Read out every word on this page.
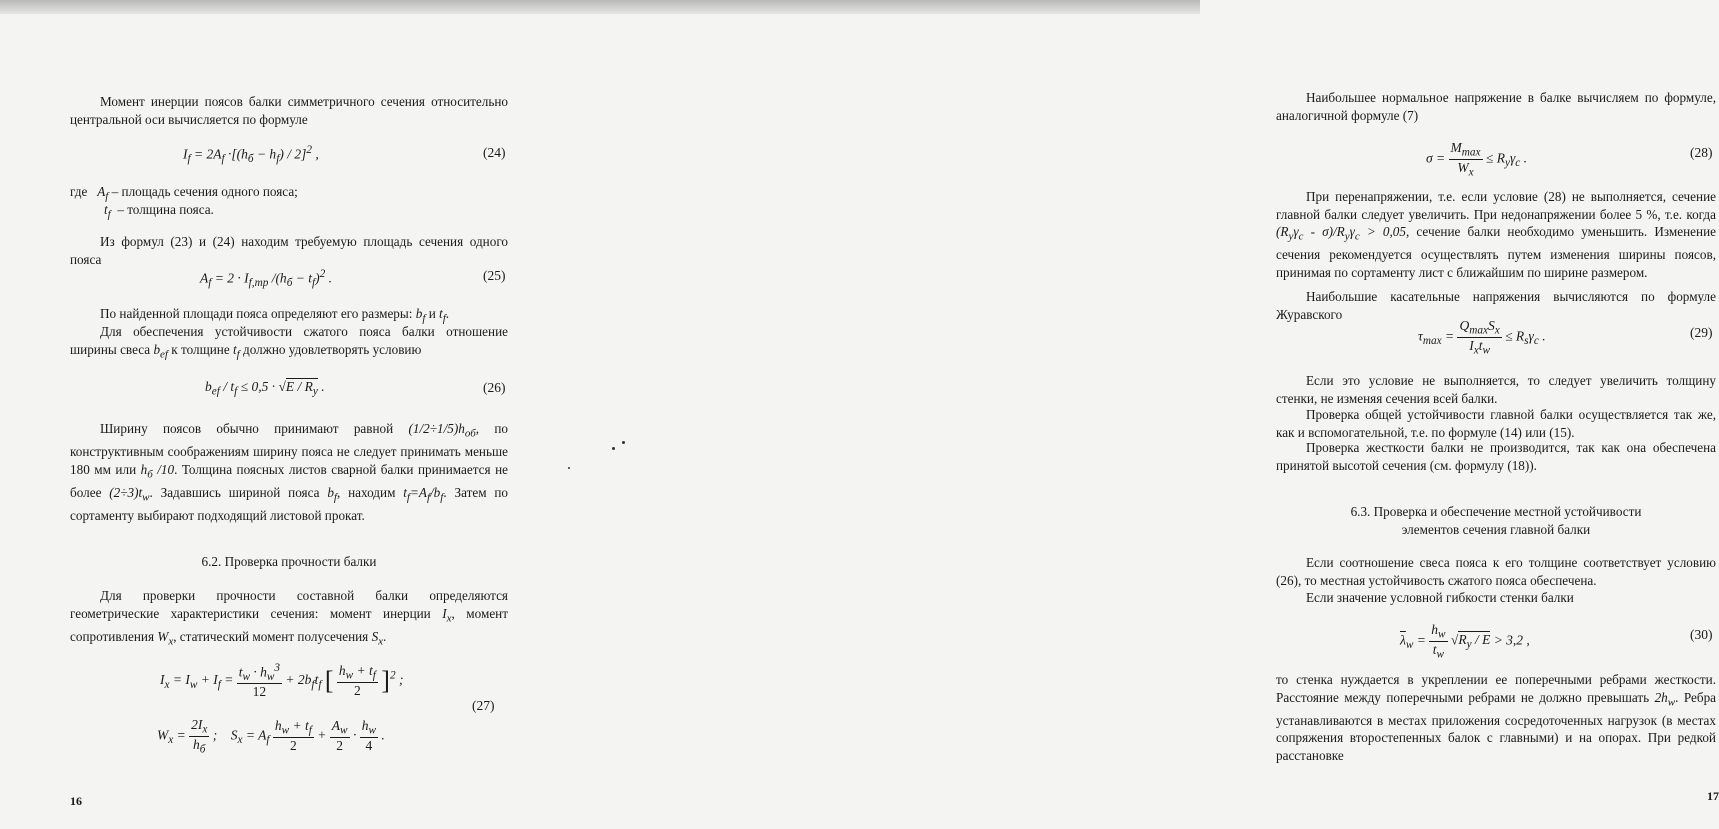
Момент инерции поясов балки симметричного сечения относительно центральной оси вычисляется по формуле

$I_f = 2A_f \cdot[(h_б - h_f) / 2]^2$ ,	(24)
где   $A_f$ – площадь сечения одного пояса;
$t_f$  – толщина пояса.

Из формул (23) и (24) находим требуемую площадь сечения одного пояса

$A_f = 2 \cdot I_{f,тр}$ $/(h_б - t_f)^2$ .	(25)
По найденной площади пояса определяют его размеры: $b_f$ и $t_f$.

Для обеспечения устойчивости сжатого пояса балки отношение ширины свеса $b_{ef}$ к толщине $t_f$ должно удовлетворять условию

$b_{ef} / t_f \le 0,5 \cdot √E / R_y$ .	(26)

Ширину поясов обычно принимают равной $(1/2\div 1/5)h_{об}$, по конструктивным соображениям ширину пояса не следует принимать меньше 180 мм или $h_б$ /10. Толщина поясных листов сварной балки принимается не более $(2\div 3)t_w$. Задавшись шириной пояса $b_f$, находим $t_f=A_f/b_f$. Затем по сортаменту выбирают подходящий листовой прокат.

6.2. Проверка прочности балки

Для проверки прочности составной балки определяются геометрические характеристики сечения: момент инерции $I_x$, момент сопротивления $W_x$, статический момент полусечения $S_x$.

$I_x = I_w + I_f = \frac{t_w \cdot h_w^3}{12} + 2b_ft_f$ [ $\frac{h_w + t_f}{2} ]^2$ ;
$W_x$ =
$2I_x$
$h_б$
;    $S_x = A_f \frac{h_w + t_f}{2} + \frac{A_w}{2} \cdot \frac{h_w}{4}$ .
(27)
16

Наибольшее нормальное напряжение в балке вычисляем по формуле, аналогичной формуле (7)

σ =
$M_{max}$
$W_x$
≤ $R_y\gamma_c$ .	(28)

При перенапряжении, т.е. если условие (28) не выполняется, сечение главной балки следует увеличить. При недонапряжении более 5 %, т.е. когда $(R_y\gamma_c - \sigma)/R_y\gamma_c > 0,05$, сечение балки необходимо уменьшить. Изменение сечения рекомендуется осуществлять путем изменения ширины поясов, принимая по сортаменту лист с ближайшим по ширине размером.

Наибольшие касательные напряжения вычисляются по формуле Журавского

$\tau_{max}$ =
$Q_{max}S_x$
$I_xt_w$
≤ $R_s\gamma_c$ .	(29)

Если это условие не выполняется, то следует увеличить толщину стенки, не изменяя сечения всей балки.

Проверка общей устойчивости главной балки осуществляется так же, как и вспомогательной, т.е. по формуле (14) или (15).

Проверка жесткости балки не производится, так как она обеспечена принятой высотой сечения (см. формулу (18)).

6.3. Проверка и обеспечение местной устойчивости
элементов сечения главной балки

Если соотношение свеса пояса к его толщине соответствует условию (26), то местная устойчивость сжатого пояса обеспечена.

Если значение условной гибкости стенки балки

$\overline{\lambda}_w = \frac{h_w}{t_w} √R_y / E > 3,2$ ,	(30)

то стенка нуждается в укреплении ее поперечными ребрами жесткости. Расстояние между поперечными ребрами не должно превышать $2h_w$. Ребра устанавливаются в местах приложения сосредоточенных нагрузок (в местах сопряжения второстепенных балок с главными) и на опорах. При редкой расстановке

17
